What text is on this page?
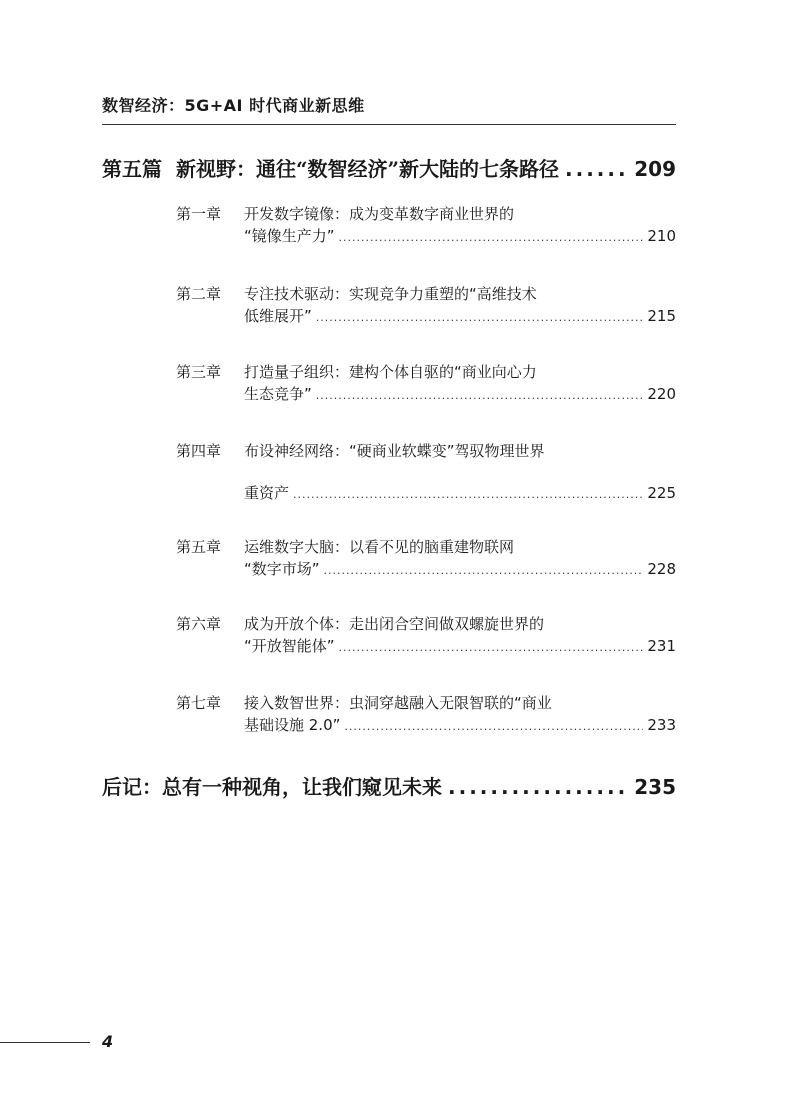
数智经济：5G+AI 时代商业新思维
第五篇 新视野：通往“数智经济”新大陆的七条路径 .....	209
第一章	开发数字镜像：成为变革数字商业世界的
“镜像生产力” .....	210
第二章	专注技术驱动：实现竞争力重塑的“高维技术
低维展开” .....	215
第三章	打造量子组织：建构个体自驱的“商业向心力
生态竞争” .....	220
第四章	布设神经网络：“硬商业软蝶变”驾驭物理世界
重资产 .....	225
第五章	运维数字大脑：以看不见的脑重建物联网
“数字市场” .....	228
第六章	成为开放个体：走出闭合空间做双螺旋世界的
“开放智能体” .....	231
第七章	接入数智世界：虫洞穿越融入无限智联的“商业
基础设施 2.0” .....	233
后记：总有一种视角，让我们窥见未来 .....	235
4
